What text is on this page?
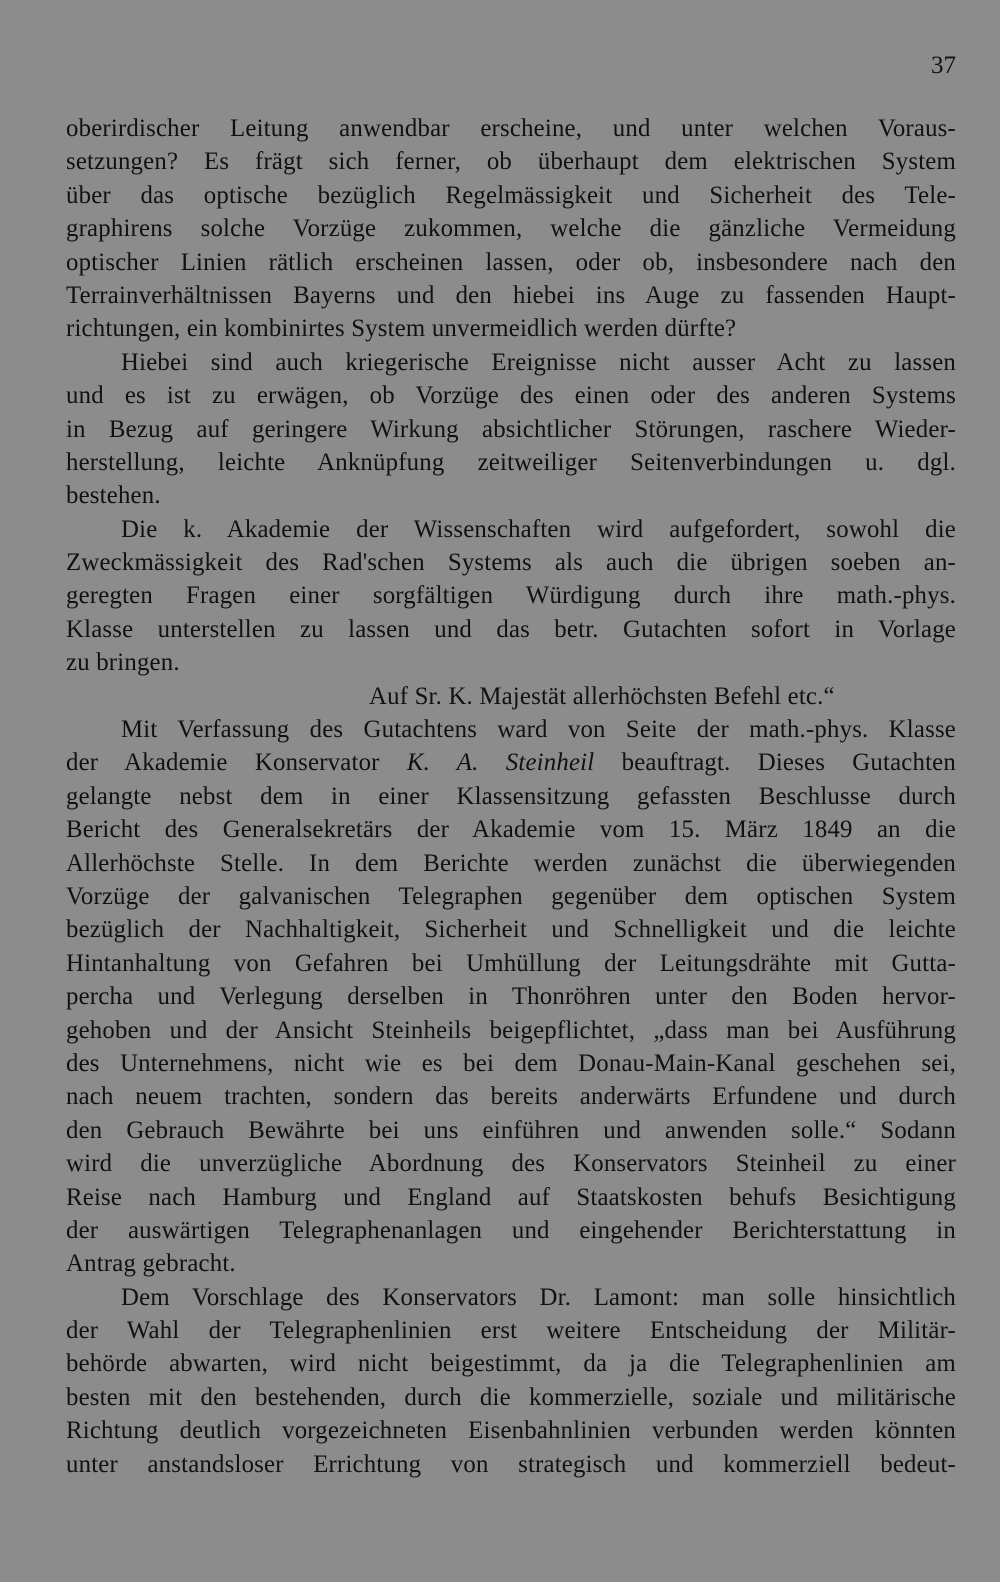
37
oberirdischer Leitung anwendbar erscheine, und unter welchen Voraus-
setzungen? Es frägt sich ferner, ob überhaupt dem elektrischen System
über das optische bezüglich Regelmässigkeit und Sicherheit des Tele-
graphirens solche Vorzüge zukommen, welche die gänzliche Vermeidung
optischer Linien rätlich erscheinen lassen, oder ob, insbesondere nach den
Terrainverhältnissen Bayerns und den hiebei ins Auge zu fassenden Haupt-
richtungen, ein kombinirtes System unvermeidlich werden dürfte?
Hiebei sind auch kriegerische Ereignisse nicht ausser Acht zu lassen
und es ist zu erwägen, ob Vorzüge des einen oder des anderen Systems
in Bezug auf geringere Wirkung absichtlicher Störungen, raschere Wieder-
herstellung, leichte Anknüpfung zeitweiliger Seitenverbindungen u. dgl.
bestehen.
Die k. Akademie der Wissenschaften wird aufgefordert, sowohl die
Zweckmässigkeit des Rad'schen Systems als auch die übrigen soeben an-
geregten Fragen einer sorgfältigen Würdigung durch ihre math.-phys.
Klasse unterstellen zu lassen und das betr. Gutachten sofort in Vorlage
zu bringen.
Auf Sr. K. Majestät allerhöchsten Befehl etc.“
Mit Verfassung des Gutachtens ward von Seite der math.-phys. Klasse
der Akademie Konservator K. A. Steinheil beauftragt. Dieses Gutachten
gelangte nebst dem in einer Klassensitzung gefassten Beschlusse durch
Bericht des Generalsekretärs der Akademie vom 15. März 1849 an die
Allerhöchste Stelle. In dem Berichte werden zunächst die überwiegenden
Vorzüge der galvanischen Telegraphen gegenüber dem optischen System
bezüglich der Nachhaltigkeit, Sicherheit und Schnelligkeit und die leichte
Hintanhaltung von Gefahren bei Umhüllung der Leitungsdrähte mit Gutta-
percha und Verlegung derselben in Thonröhren unter den Boden hervor-
gehoben und der Ansicht Steinheils beigepflichtet, „dass man bei Ausführung
des Unternehmens, nicht wie es bei dem Donau-Main-Kanal geschehen sei,
nach neuem trachten, sondern das bereits anderwärts Erfundene und durch
den Gebrauch Bewährte bei uns einführen und anwenden solle.“ Sodann
wird die unverzügliche Abordnung des Konservators Steinheil zu einer
Reise nach Hamburg und England auf Staatskosten behufs Besichtigung
der auswärtigen Telegraphenanlagen und eingehender Berichterstattung in
Antrag gebracht.
Dem Vorschlage des Konservators Dr. Lamont: man solle hinsichtlich
der Wahl der Telegraphenlinien erst weitere Entscheidung der Militär-
behörde abwarten, wird nicht beigestimmt, da ja die Telegraphenlinien am
besten mit den bestehenden, durch die kommerzielle, soziale und militärische
Richtung deutlich vorgezeichneten Eisenbahnlinien verbunden werden könnten
unter anstandsloser Errichtung von strategisch und kommerziell bedeut-
